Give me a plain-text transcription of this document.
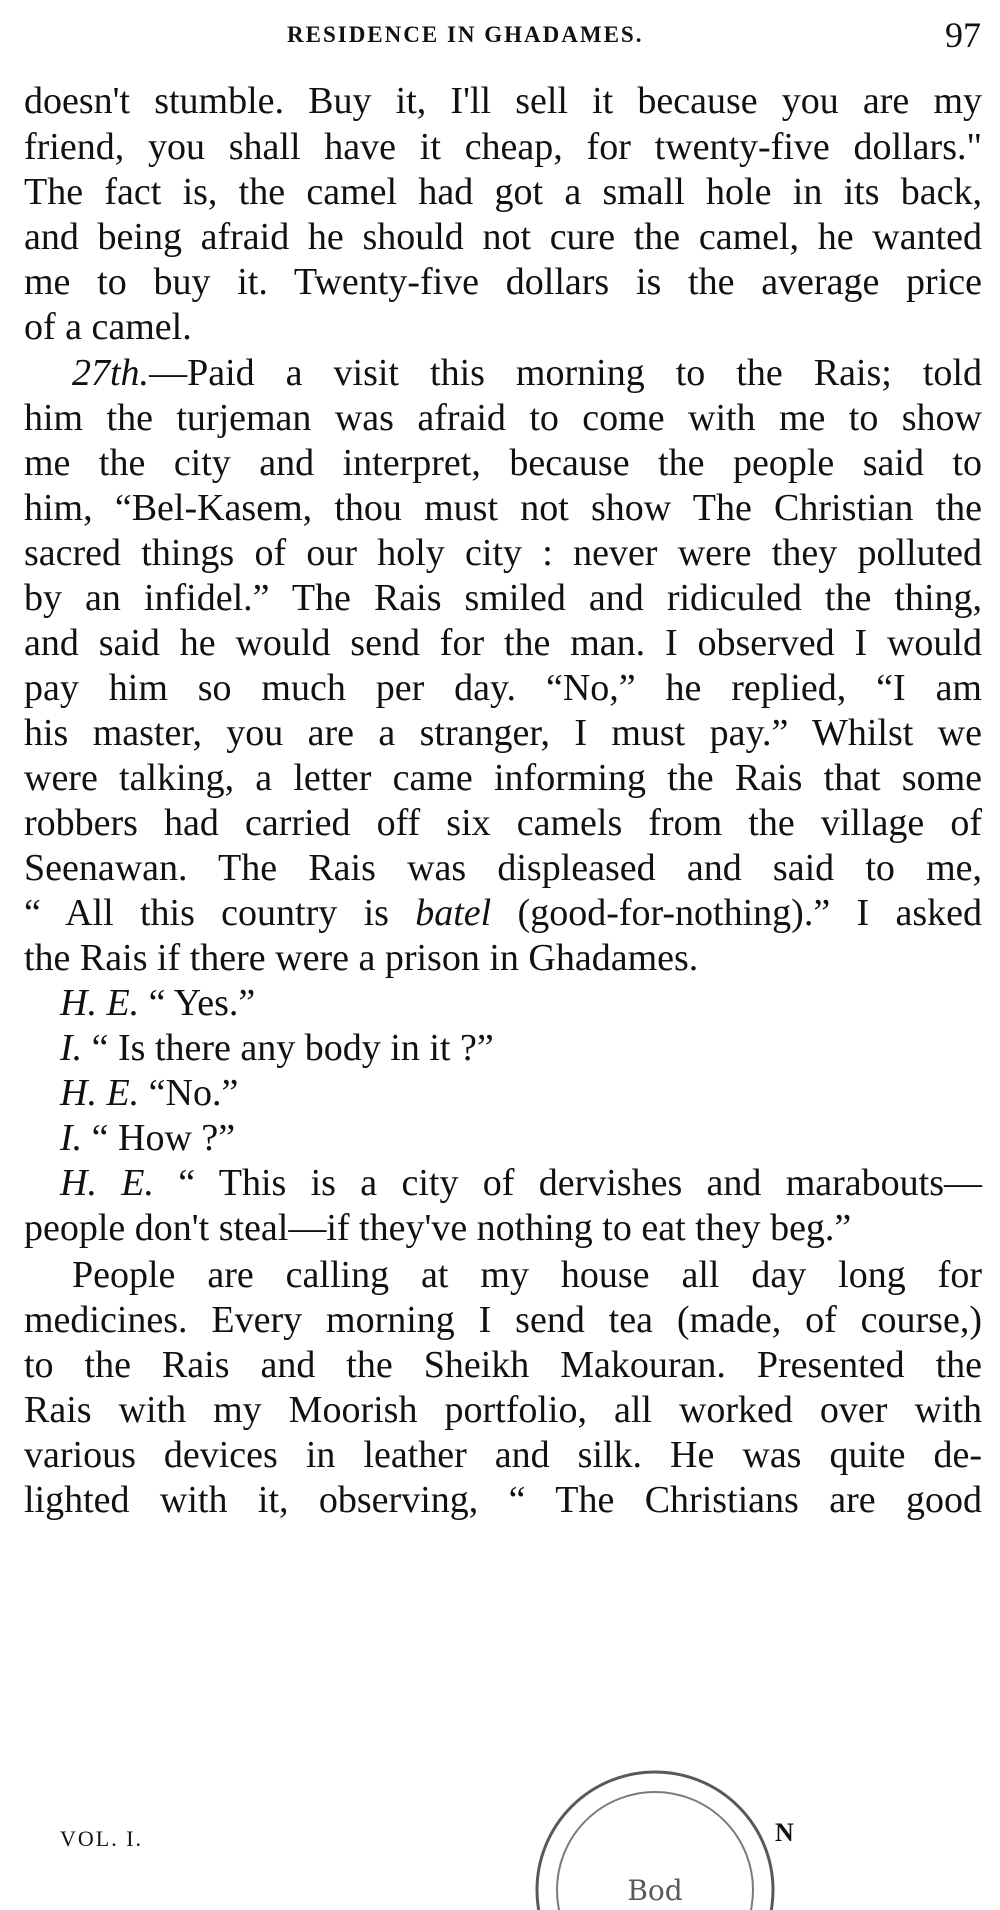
RESIDENCE IN GHADAMES.	97
doesn't stumble. Buy it, I'll sell it because you are my
friend, you shall have it cheap, for twenty-five dollars."
The fact is, the camel had got a small hole in its back,
and being afraid he should not cure the camel, he wanted
me to buy it. Twenty-five dollars is the average price
of a camel.
27th.—Paid a visit this morning to the Rais; told
him the turjeman was afraid to come with me to show
me the city and interpret, because the people said to
him, “Bel-Kasem, thou must not show The Christian the
sacred things of our holy city : never were they polluted
by an infidel.” The Rais smiled and ridiculed the thing,
and said he would send for the man. I observed I would
pay him so much per day. “No,” he replied, “I am
his master, you are a stranger, I must pay.” Whilst we
were talking, a letter came informing the Rais that some
robbers had carried off six camels from the village of
Seenawan. The Rais was displeased and said to me,
“ All this country is batel (good-for-nothing).” I asked
the Rais if there were a prison in Ghadames.
H. E. “ Yes.”
I. “ Is there any body in it ?”
H. E. “No.”
I. “ How ?”
H. E. “ This is a city of dervishes and marabouts—
people don't steal—if they've nothing to eat they beg.”
People are calling at my house all day long for
medicines. Every morning I send tea (made, of course,)
to the Rais and the Sheikh Makouran. Presented the
Rais with my Moorish portfolio, all worked over with
various devices in leather and silk. He was quite de-
lighted with it, observing, “ The Christians are good
Bod
VOL. I.	N
